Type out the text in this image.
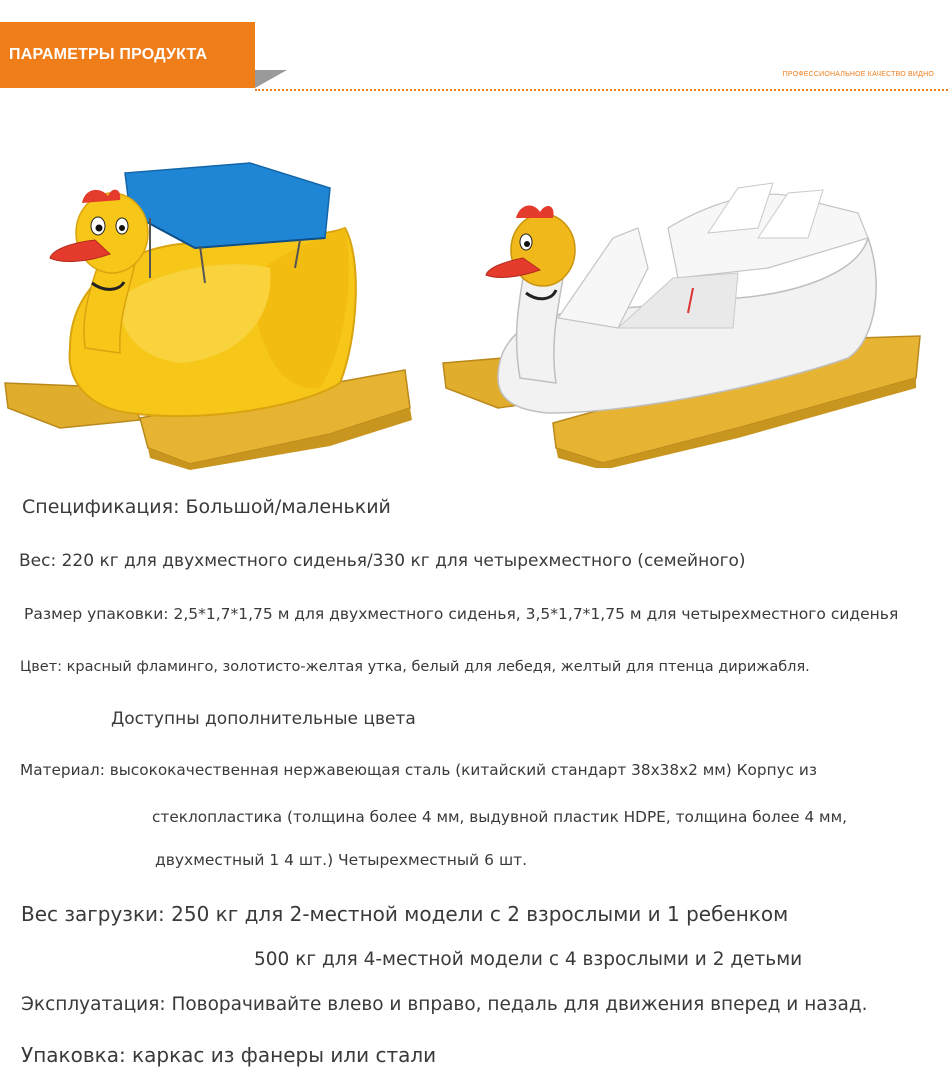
ПАРАМЕТРЫ ПРОДУКТА
ПРОФЕССИОНАЛЬНОЕ КАЧЕСТВО ВИДНО

Спецификация: Большой/маленький

Вес: 220 кг для двухместного сиденья/330 кг для четырехместного (семейного)

Размер упаковки: 2,5*1,7*1,75 м для двухместного сиденья, 3,5*1,7*1,75 м для четырехместного сиденья

Цвет: красный фламинго, золотисто-желтая утка, белый для лебедя, желтый для птенца дирижабля.

Доступны дополнительные цвета

Материал: высококачественная нержавеющая сталь (китайский стандарт 38x38x2 мм) Корпус из

стеклопластика (толщина более 4 мм, выдувной пластик HDPE, толщина более 4 мм,

двухместный 1 4 шт.) Четырехместный 6 шт.

Вес загрузки: 250 кг для 2-местной модели с 2 взрослыми и 1 ребенком

500 кг для 4-местной модели с 4 взрослыми и 2 детьми

Эксплуатация: Поворачивайте влево и вправо, педаль для движения вперед и назад.

Упаковка: каркас из фанеры или стали
